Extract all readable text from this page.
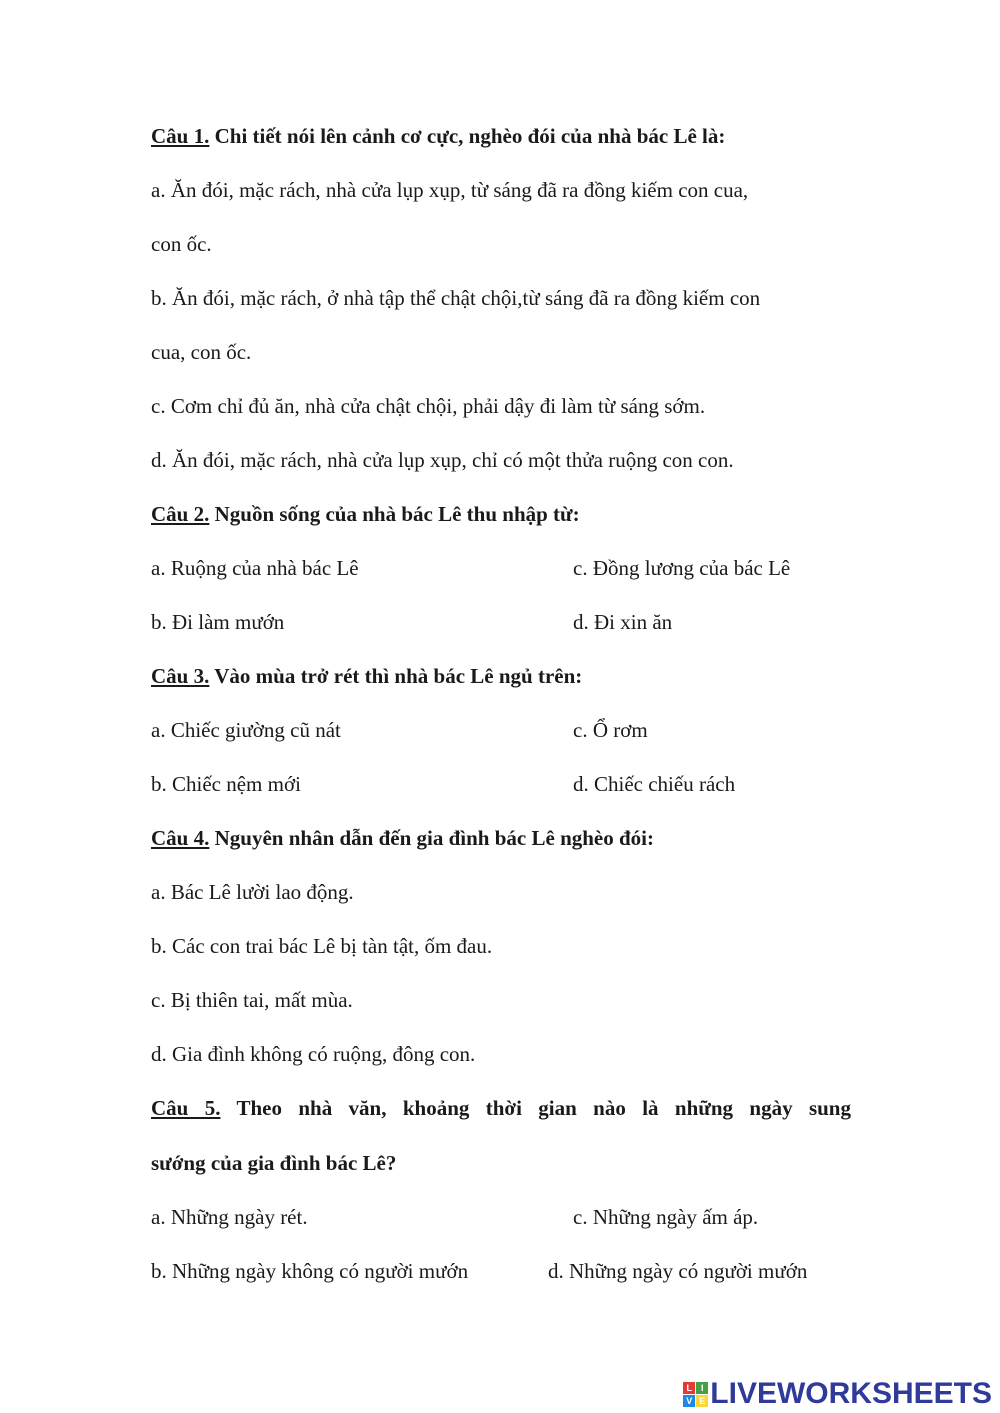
Câu 1. Chi tiết nói lên cảnh cơ cực, nghèo đói của nhà bác Lê là:
a. Ăn đói, mặc rách, nhà cửa lụp xụp, từ sáng đã ra đồng kiếm con cua,
con ốc.
b. Ăn đói, mặc rách, ở nhà tập thể chật chội,từ sáng đã ra đồng kiếm con
cua, con ốc.
c. Cơm chỉ đủ ăn, nhà cửa chật chội, phải dậy đi làm từ sáng sớm.
d. Ăn đói, mặc rách, nhà cửa lụp xụp, chỉ có một thửa ruộng con con.
Câu 2. Nguồn sống của nhà bác Lê thu nhập từ:
a. Ruộng của nhà bác Lê	c. Đồng lương của bác Lê
b. Đi làm mướn	d. Đi xin ăn
Câu 3. Vào mùa trở rét thì nhà bác Lê ngủ trên:
a. Chiếc giường cũ nát	c. Ổ rơm
b. Chiếc nệm mới	d. Chiếc chiếu rách
Câu 4. Nguyên nhân dẫn đến gia đình bác Lê nghèo đói:
a. Bác Lê lười lao động.
b. Các con trai bác Lê bị tàn tật, ốm đau.
c. Bị thiên tai, mất mùa.
d. Gia đình không có ruộng, đông con.
Câu 5. Theo nhà văn, khoảng thời gian nào là những ngày sung
sướng của gia đình bác Lê?
a. Những ngày rét.	c. Những ngày ấm áp.
b. Những ngày không có người mướn	d. Những ngày có người mướn
L I
V E LIVEWORKSHEETS
